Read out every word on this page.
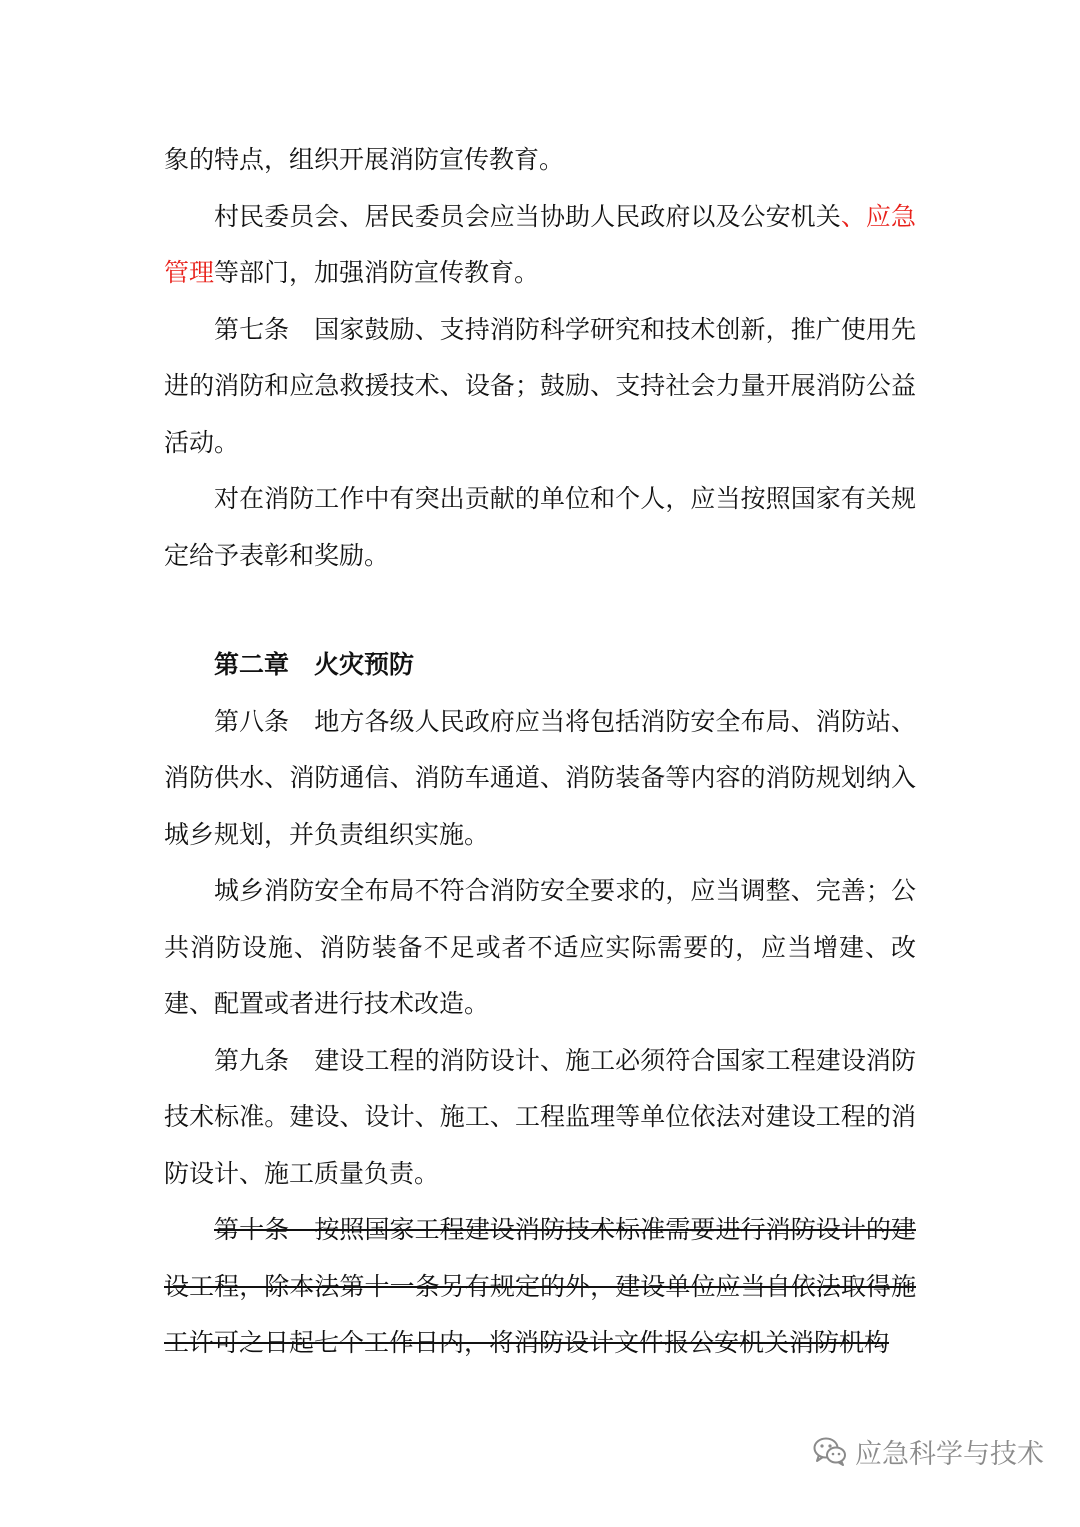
象的特点，组织开展消防宣传教育。

村民委员会、居民委员会应当协助人民政府以及公安机关、应急管理等部门，加强消防宣传教育。

第七条　国家鼓励、支持消防科学研究和技术创新，推广使用先进的消防和应急救援技术、设备；鼓励、支持社会力量开展消防公益活动。

对在消防工作中有突出贡献的单位和个人，应当按照国家有关规定给予表彰和奖励。

第二章　火灾预防

第八条　地方各级人民政府应当将包括消防安全布局、消防站、消防供水、消防通信、消防车通道、消防装备等内容的消防规划纳入城乡规划，并负责组织实施。

城乡消防安全布局不符合消防安全要求的，应当调整、完善；公共消防设施、消防装备不足或者不适应实际需要的，应当增建、改建、配置或者进行技术改造。

第九条　建设工程的消防设计、施工必须符合国家工程建设消防技术标准。建设、设计、施工、工程监理等单位依法对建设工程的消防设计、施工质量负责。

第十条　按照国家工程建设消防技术标准需要进行消防设计的建设工程，除本法第十一条另有规定的外，建设单位应当自依法取得施工许可之日起七个工作日内，将消防设计文件报公安机关消防机构

应急科学与技术
